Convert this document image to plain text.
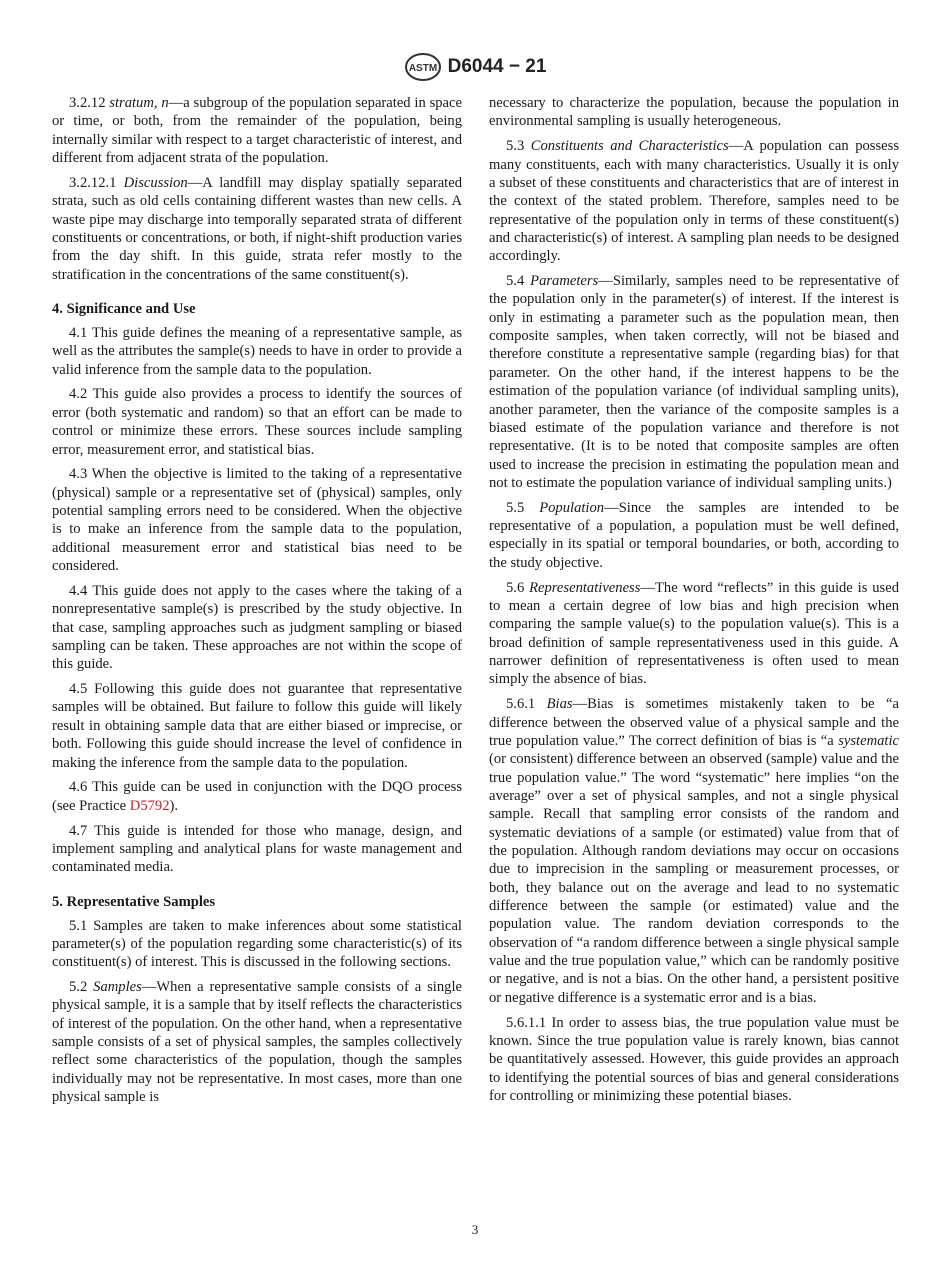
ASTM D6044 − 21

3.2.12 stratum, n—a subgroup of the population separated in space or time, or both, from the remainder of the population, being internally similar with respect to a target characteristic of interest, and different from adjacent strata of the population.

3.2.12.1 Discussion—A landfill may display spatially separated strata, such as old cells containing different wastes than new cells. A waste pipe may discharge into temporally separated strata of different constituents or concentrations, or both, if night-shift production varies from the day shift. In this guide, strata refer mostly to the stratification in the concentrations of the same constituent(s).

4. Significance and Use

4.1 This guide defines the meaning of a representative sample, as well as the attributes the sample(s) needs to have in order to provide a valid inference from the sample data to the population.

4.2 This guide also provides a process to identify the sources of error (both systematic and random) so that an effort can be made to control or minimize these errors. These sources include sampling error, measurement error, and statistical bias.

4.3 When the objective is limited to the taking of a representative (physical) sample or a representative set of (physical) samples, only potential sampling errors need to be considered. When the objective is to make an inference from the sample data to the population, additional measurement error and statistical bias need to be considered.

4.4 This guide does not apply to the cases where the taking of a nonrepresentative sample(s) is prescribed by the study objective. In that case, sampling approaches such as judgment sampling or biased sampling can be taken. These approaches are not within the scope of this guide.

4.5 Following this guide does not guarantee that representative samples will be obtained. But failure to follow this guide will likely result in obtaining sample data that are either biased or imprecise, or both. Following this guide should increase the level of confidence in making the inference from the sample data to the population.

4.6 This guide can be used in conjunction with the DQO process (see Practice D5792).

4.7 This guide is intended for those who manage, design, and implement sampling and analytical plans for waste management and contaminated media.

5. Representative Samples

5.1 Samples are taken to make inferences about some statistical parameter(s) of the population regarding some characteristic(s) of its constituent(s) of interest. This is discussed in the following sections.

5.2 Samples—When a representative sample consists of a single physical sample, it is a sample that by itself reflects the characteristics of interest of the population. On the other hand, when a representative sample consists of a set of physical samples, the samples collectively reflect some characteristics of the population, though the samples individually may not be representative. In most cases, more than one physical sample is

necessary to characterize the population, because the population in environmental sampling is usually heterogeneous.

5.3 Constituents and Characteristics—A population can possess many constituents, each with many characteristics. Usually it is only a subset of these constituents and characteristics that are of interest in the context of the stated problem. Therefore, samples need to be representative of the population only in terms of these constituent(s) and characteristic(s) of interest. A sampling plan needs to be designed accordingly.

5.4 Parameters—Similarly, samples need to be representative of the population only in the parameter(s) of interest. If the interest is only in estimating a parameter such as the population mean, then composite samples, when taken correctly, will not be biased and therefore constitute a representative sample (regarding bias) for that parameter. On the other hand, if the interest happens to be the estimation of the population variance (of individual sampling units), another parameter, then the variance of the composite samples is a biased estimate of the population variance and therefore is not representative. (It is to be noted that composite samples are often used to increase the precision in estimating the population mean and not to estimate the population variance of individual sampling units.)

5.5 Population—Since the samples are intended to be representative of a population, a population must be well defined, especially in its spatial or temporal boundaries, or both, according to the study objective.

5.6 Representativeness—The word “reflects” in this guide is used to mean a certain degree of low bias and high precision when comparing the sample value(s) to the population value(s). This is a broad definition of sample representativeness used in this guide. A narrower definition of representativeness is often used to mean simply the absence of bias.

5.6.1 Bias—Bias is sometimes mistakenly taken to be “a difference between the observed value of a physical sample and the true population value.” The correct definition of bias is “a systematic (or consistent) difference between an observed (sample) value and the true population value.” The word “systematic” here implies “on the average” over a set of physical samples, and not a single physical sample. Recall that sampling error consists of the random and systematic deviations of a sample (or estimated) value from that of the population. Although random deviations may occur on occasions due to imprecision in the sampling or measurement processes, or both, they balance out on the average and lead to no systematic difference between the sample (or estimated) value and the population value. The random deviation corresponds to the observation of “a random difference between a single physical sample value and the true population value,” which can be randomly positive or negative, and is not a bias. On the other hand, a persistent positive or negative difference is a systematic error and is a bias.

5.6.1.1 In order to assess bias, the true population value must be known. Since the true population value is rarely known, bias cannot be quantitatively assessed. However, this guide provides an approach to identifying the potential sources of bias and general considerations for controlling or minimizing these potential biases.

3
